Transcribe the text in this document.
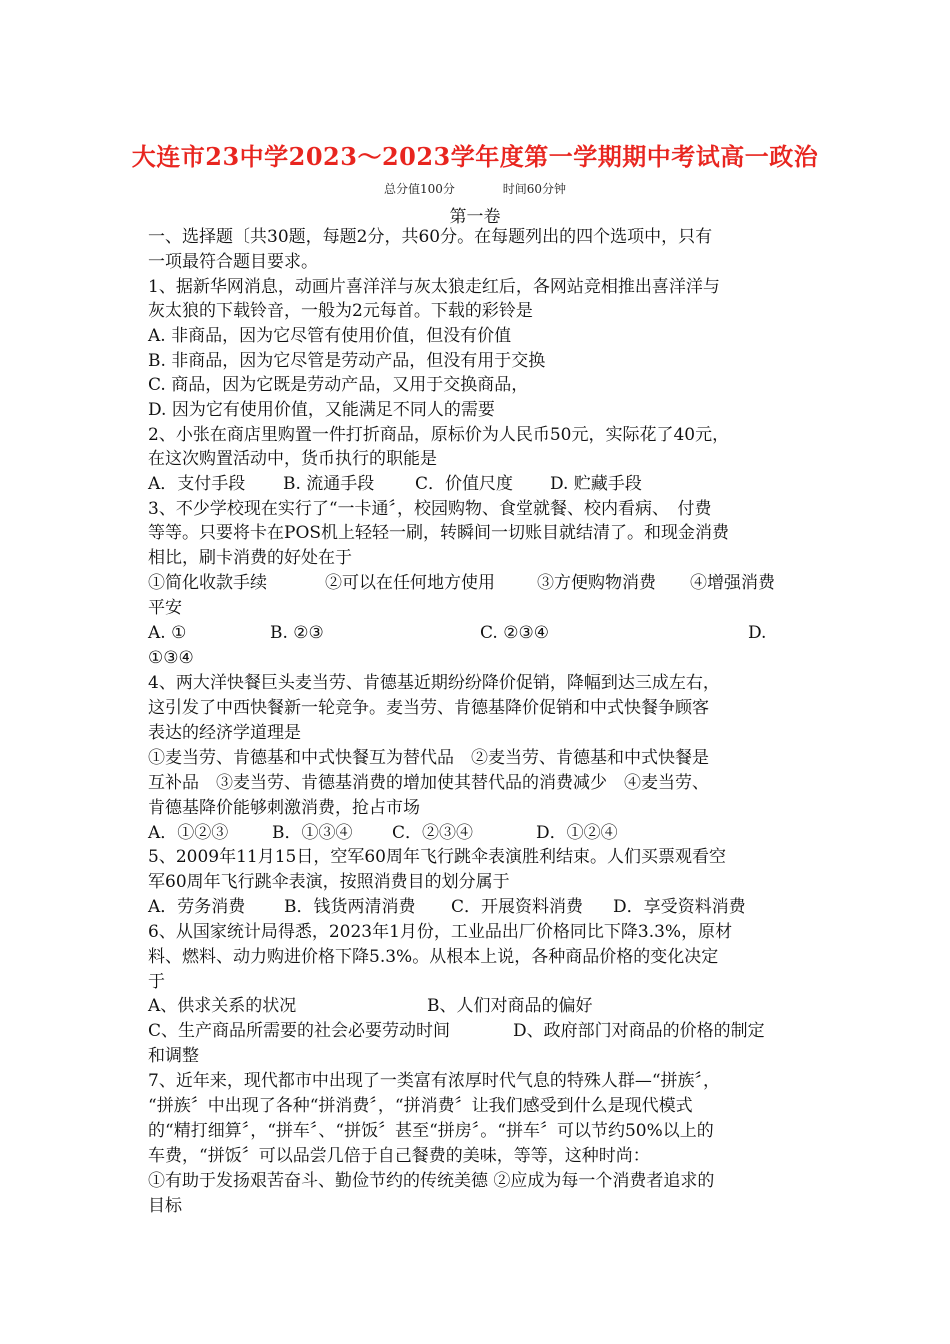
大连市23中学2023～2023学年度第一学期期中考试高一政治
总分值100分	时间60分钟
第一卷
一、选择题〔共30题，每题2分，共60分。在每题列出的四个选项中，只有
一项最符合题目要求。
1、据新华网消息，动画片喜洋洋与灰太狼走红后，各网站竞相推出喜洋洋与
灰太狼的下载铃音，一般为2元每首。下载的彩铃是
A. 非商品，因为它尽管有使用价值，但没有价值
B. 非商品，因为它尽管是劳动产品，但没有用于交换
C. 商品，因为它既是劳动产品，又用于交换商品，
D. 因为它有使用价值，又能满足不同人的需要
2、小张在商店里购置一件打折商品，原标价为人民币50元，实际花了40元，
在这次购置活动中，货币执行的职能是
A．支付手段 B. 流通手段 C．价值尺度 D. 贮藏手段
3、不少学校现在实行了“一卡通〞，校园购物、食堂就餐、校内看病、　付费
等等。只要将卡在POS机上轻轻一刷，转瞬间一切账目就结清了。和现金消费
相比，刷卡消费的好处在于
①简化收款手续	②可以在任何地方使用 ③方便购物消费 ④增强消费
平安
A. ①	B. ②③	C. ②③④	D.
①③④
4、两大洋快餐巨头麦当劳、肯德基近期纷纷降价促销，降幅到达三成左右，
这引发了中西快餐新一轮竞争。麦当劳、肯德基降价促销和中式快餐争顾客
表达的经济学道理是
①麦当劳、肯德基和中式快餐互为替代品　②麦当劳、肯德基和中式快餐是
互补品　③麦当劳、肯德基消费的增加使其替代品的消费减少　④麦当劳、
肯德基降价能够刺激消费，抢占市场
A．①②③	B．①③④ C．②③④	D．①②④
5、2009年11月15日，空军60周年飞行跳伞表演胜利结束。人们买票观看空
军60周年飞行跳伞表演，按照消费目的划分属于
A．劳务消费 B．钱货两清消费 C．开展资料消费 D．享受资料消费
6、从国家统计局得悉，2023年1月份，工业品出厂价格同比下降3.3%，原材
料、燃料、动力购进价格下降5.3%。从根本上说，各种商品价格的变化决定
于
A、供求关系的状况	B、人们对商品的偏好
C、生产商品所需要的社会必要劳动时间	D、政府部门对商品的价格的制定
和调整
7、近年来，现代都市中出现了一类富有浓厚时代气息的特殊人群—“拼族〞，
“拼族〞中出现了各种“拼消费〞，“拼消费〞让我们感受到什么是现代模式
的“精打细算〞，“拼车〞、“拼饭〞甚至“拼房〞。“拼车〞可以节约50%以上的
车费，“拼饭〞可以品尝几倍于自己餐费的美味，等等，这种时尚：
①有助于发扬艰苦奋斗、勤俭节约的传统美德 ②应成为每一个消费者追求的
目标
